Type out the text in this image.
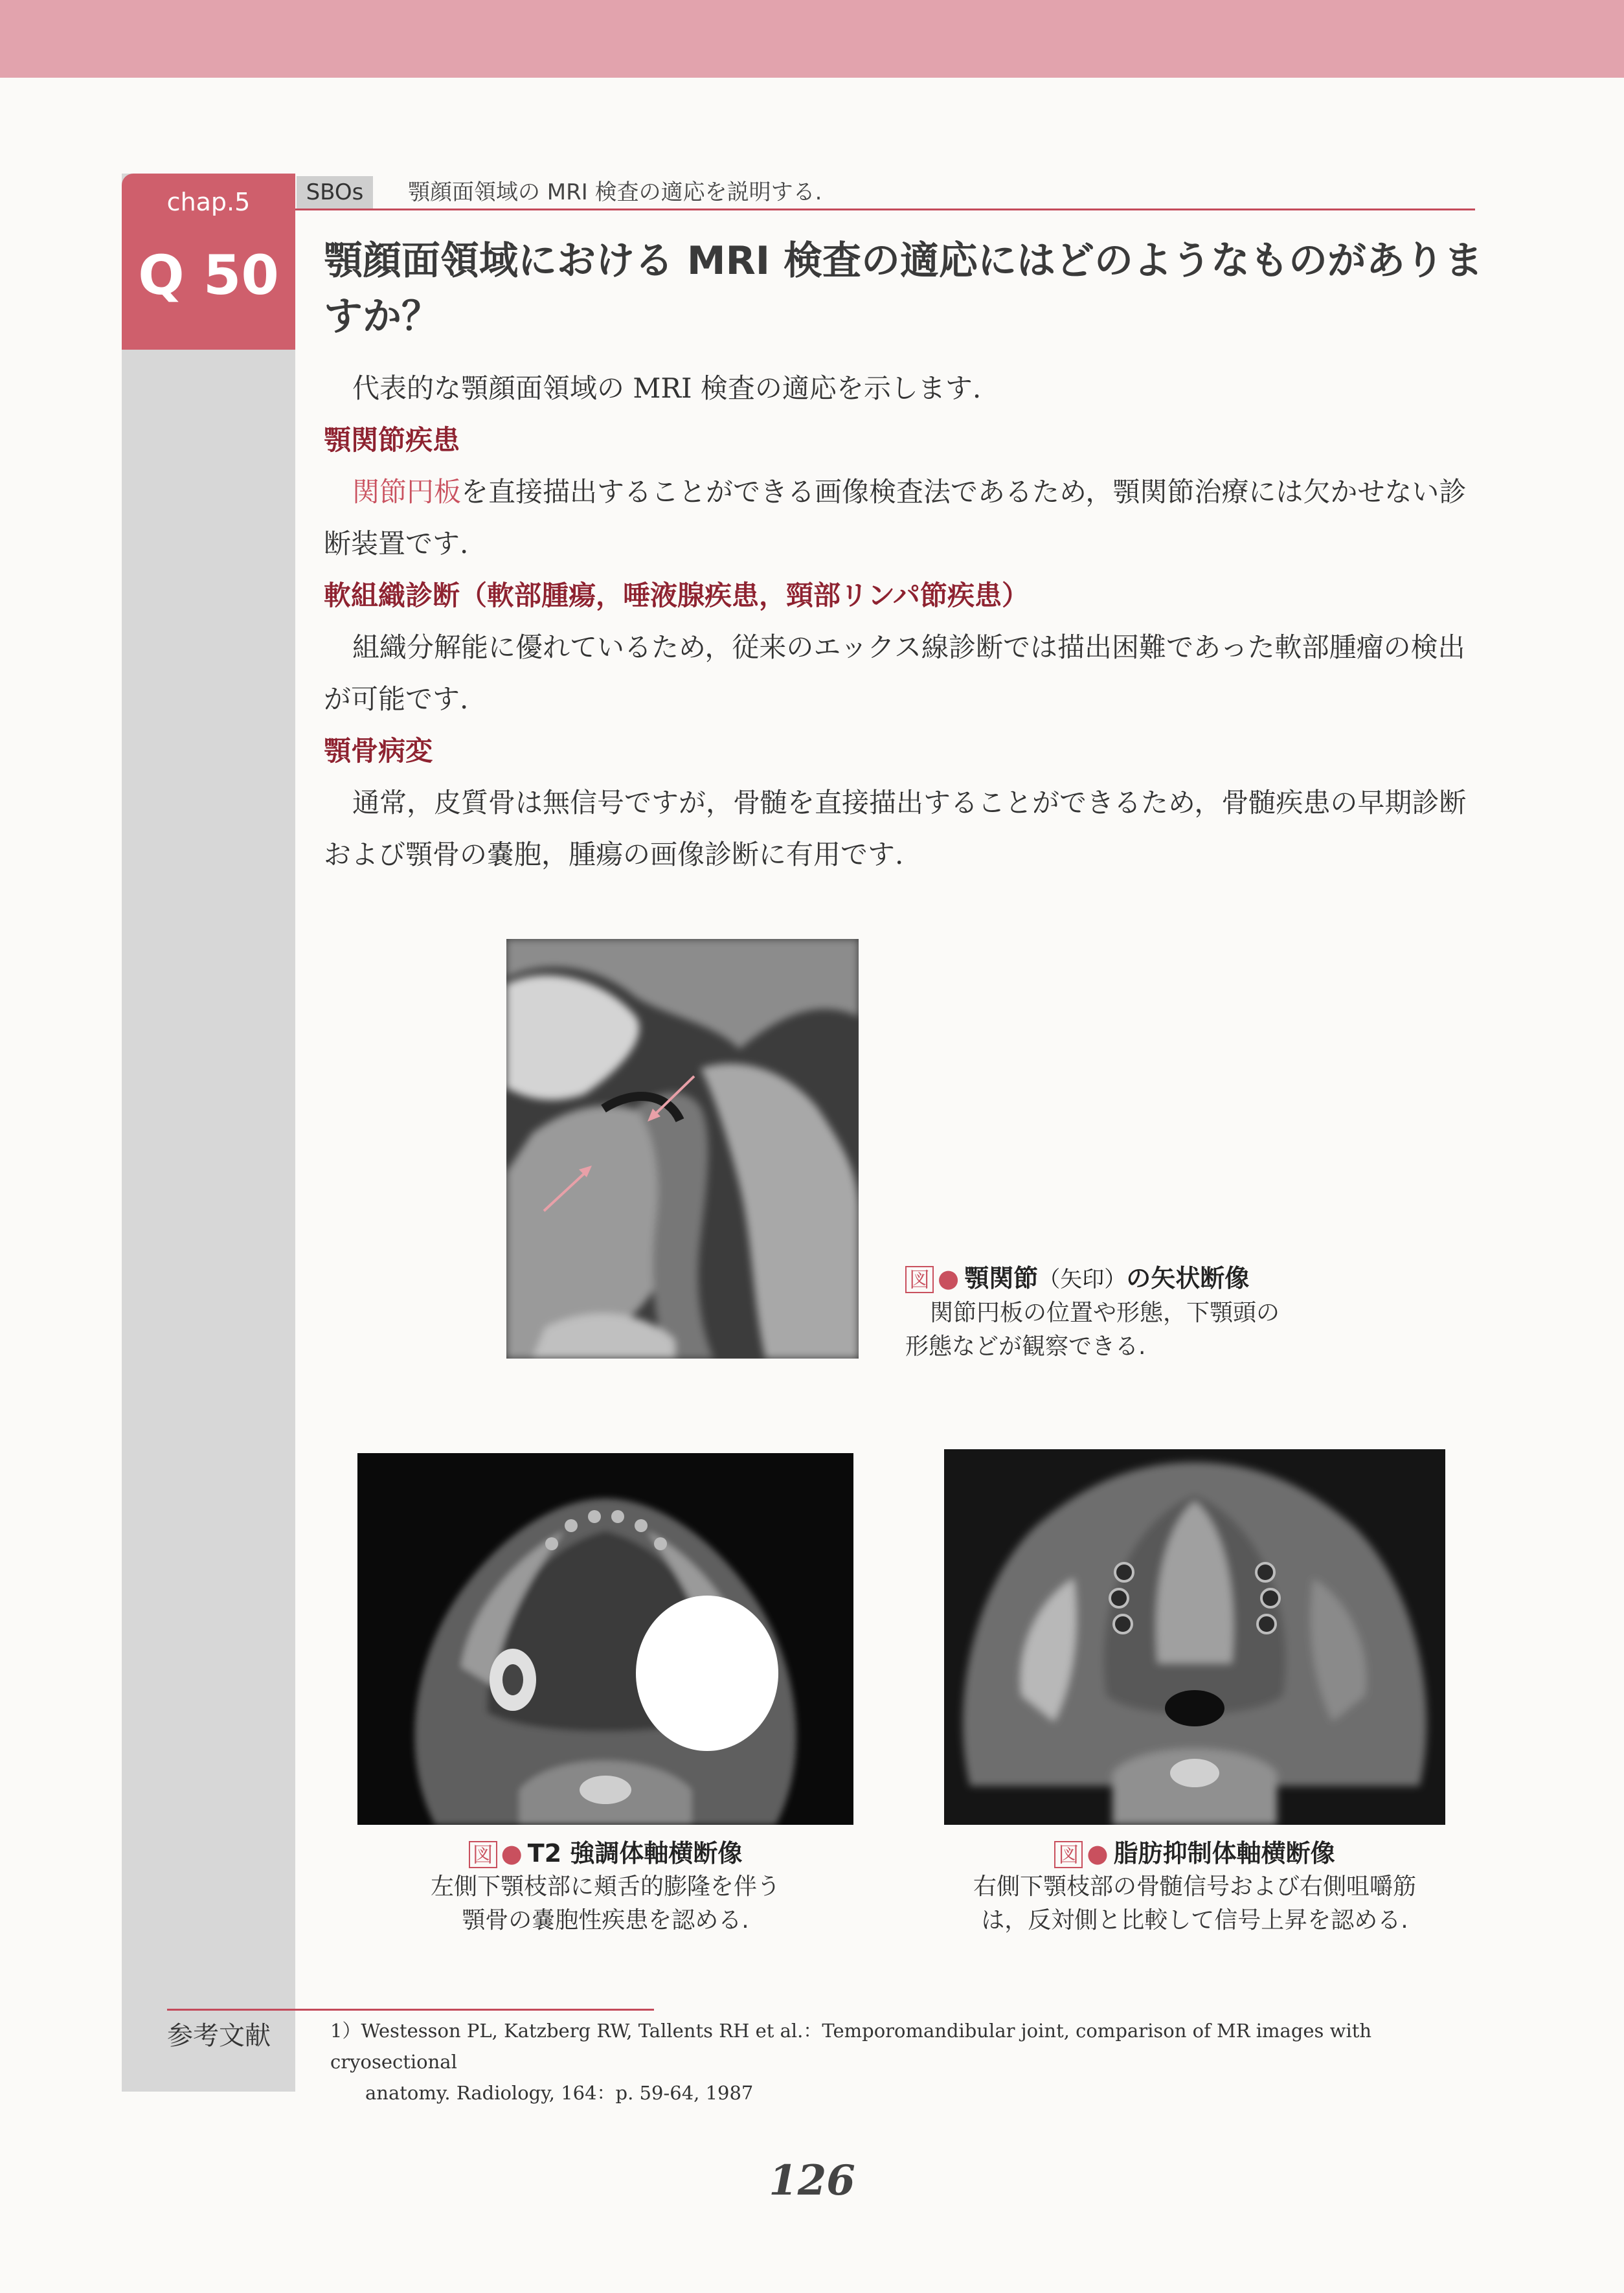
chap.5
Q 50
SBOs	顎顔面領域の MRI 検査の適応を説明する.
顎顔面領域における MRI 検査の適応にはどのようなものがありますか？

代表的な顎顔面領域の MRI 検査の適応を示します.

顎関節疾患

関節円板を直接描出することができる画像検査法であるため，顎関節治療には欠かせない診断装置です.

軟組織診断（軟部腫瘍，唾液腺疾患，頸部リンパ節疾患）

組織分解能に優れているため，従来のエックス線診断では描出困難であった軟部腫瘤の検出が可能です.

顎骨病変

通常，皮質骨は無信号ですが，骨髄を直接描出することができるため，骨髄疾患の早期診断および顎骨の嚢胞，腫瘍の画像診断に有用です.

図 ● 顎関節（矢印）の矢状断像
関節円板の位置や形態，下顎頭の
形態などが観察できる.
図 ● T2 強調体軸横断像
左側下顎枝部に頬舌的膨隆を伴う
顎骨の嚢胞性疾患を認める.
図 ● 脂肪抑制体軸横断像
右側下顎枝部の骨髄信号および右側咀嚼筋
は，反対側と比較して信号上昇を認める.
参考文献	1）Westesson PL, Katzberg RW, Tallents RH et al.：Temporomandibular joint, comparison of MR images with cryosectional
anatomy. Radiology, 164：p. 59-64, 1987
126
